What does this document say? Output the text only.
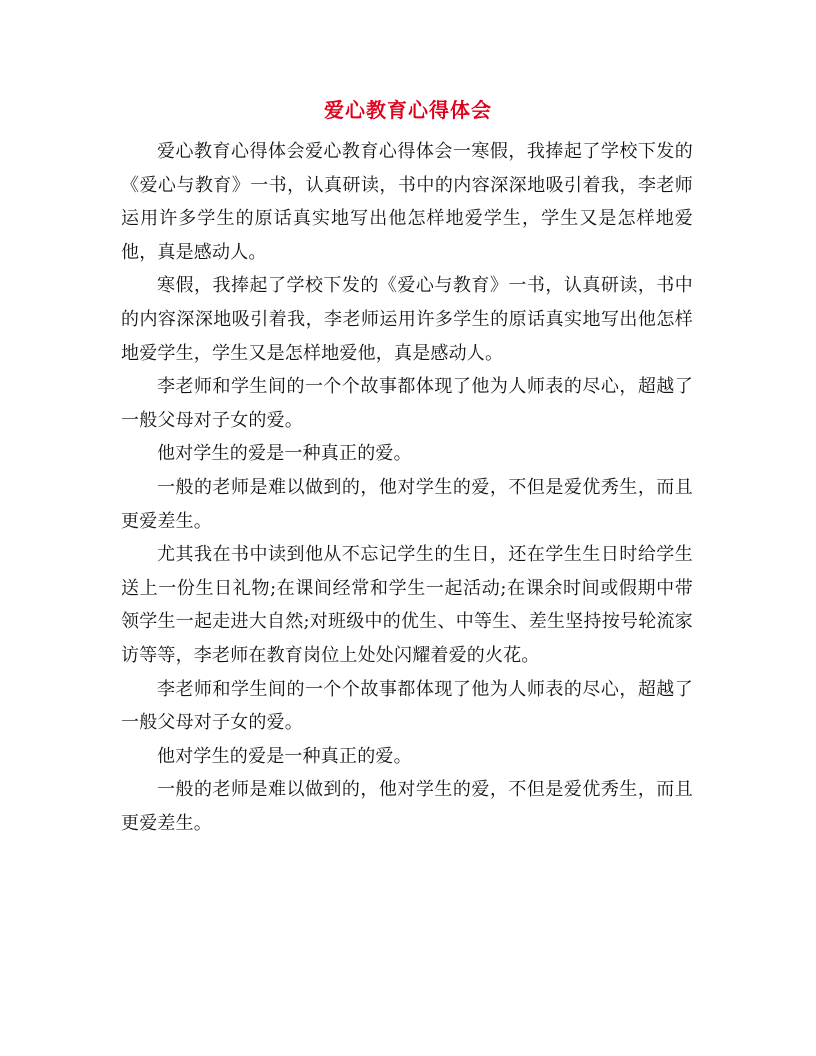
爱心教育心得体会

爱心教育心得体会爱心教育心得体会一寒假，我捧起了学校下发的《爱心与教育》一书，认真研读，书中的内容深深地吸引着我，李老师运用许多学生的原话真实地写出他怎样地爱学生，学生又是怎样地爱他，真是感动人。

寒假，我捧起了学校下发的《爱心与教育》一书，认真研读，书中的内容深深地吸引着我，李老师运用许多学生的原话真实地写出他怎样地爱学生，学生又是怎样地爱他，真是感动人。

李老师和学生间的一个个故事都体现了他为人师表的尽心，超越了一般父母对子女的爱。

他对学生的爱是一种真正的爱。

一般的老师是难以做到的，他对学生的爱，不但是爱优秀生，而且更爱差生。

尤其我在书中读到他从不忘记学生的生日，还在学生生日时给学生送上一份生日礼物;在课间经常和学生一起活动;在课余时间或假期中带领学生一起走进大自然;对班级中的优生、中等生、差生坚持按号轮流家访等等，李老师在教育岗位上处处闪耀着爱的火花。

李老师和学生间的一个个故事都体现了他为人师表的尽心，超越了一般父母对子女的爱。

他对学生的爱是一种真正的爱。

一般的老师是难以做到的，他对学生的爱，不但是爱优秀生，而且更爱差生。
